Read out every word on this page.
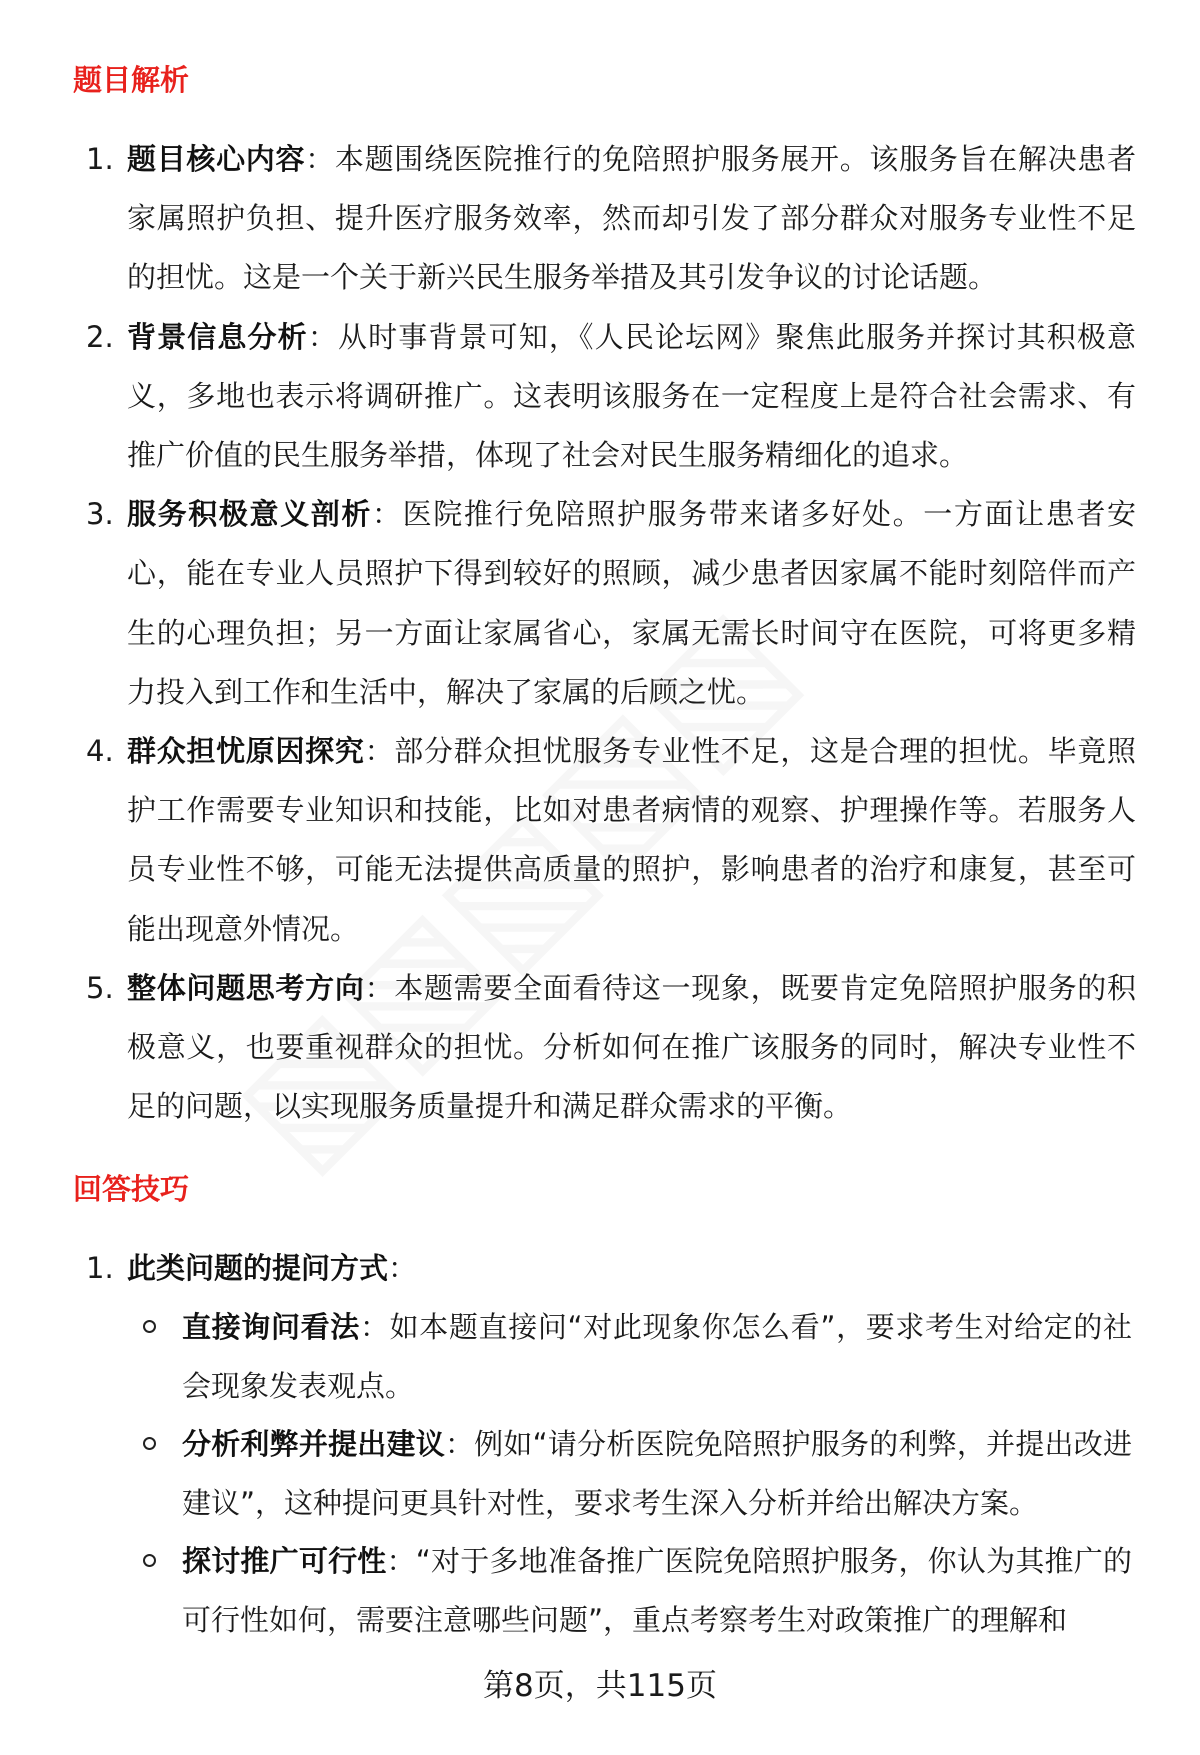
题目解析
1. 题目核心内容：本题围绕医院推行的免陪照护服务展开。该服务旨在解决患者家属照护负担、提升医疗服务效率，然而却引发了部分群众对服务专业性不足的担忧。这是一个关于新兴民生服务举措及其引发争议的讨论话题。
2. 背景信息分析：从时事背景可知，《人民论坛网》聚焦此服务并探讨其积极意义，多地也表示将调研推广。这表明该服务在一定程度上是符合社会需求、有推广价值的民生服务举措，体现了社会对民生服务精细化的追求。
3. 服务积极意义剖析：医院推行免陪照护服务带来诸多好处。一方面让患者安心，能在专业人员照护下得到较好的照顾，减少患者因家属不能时刻陪伴而产生的心理负担；另一方面让家属省心，家属无需长时间守在医院，可将更多精力投入到工作和生活中，解决了家属的后顾之忧。
4. 群众担忧原因探究：部分群众担忧服务专业性不足，这是合理的担忧。毕竟照护工作需要专业知识和技能，比如对患者病情的观察、护理操作等。若服务人员专业性不够，可能无法提供高质量的照护，影响患者的治疗和康复，甚至可能出现意外情况。
5. 整体问题思考方向：本题需要全面看待这一现象，既要肯定免陪照护服务的积极意义，也要重视群众的担忧。分析如何在推广该服务的同时，解决专业性不足的问题，以实现服务质量提升和满足群众需求的平衡。
回答技巧
1. 此类问题的提问方式：
直接询问看法：如本题直接问“对此现象你怎么看”，要求考生对给定的社会现象发表观点。
分析利弊并提出建议：例如“请分析医院免陪照护服务的利弊，并提出改进建议”，这种提问更具针对性，要求考生深入分析并给出解决方案。
探讨推广可行性：“对于多地准备推广医院免陪照护服务，你认为其推广的可行性如何，需要注意哪些问题”，重点考察考生对政策推广的理解和
第8页，共115页
